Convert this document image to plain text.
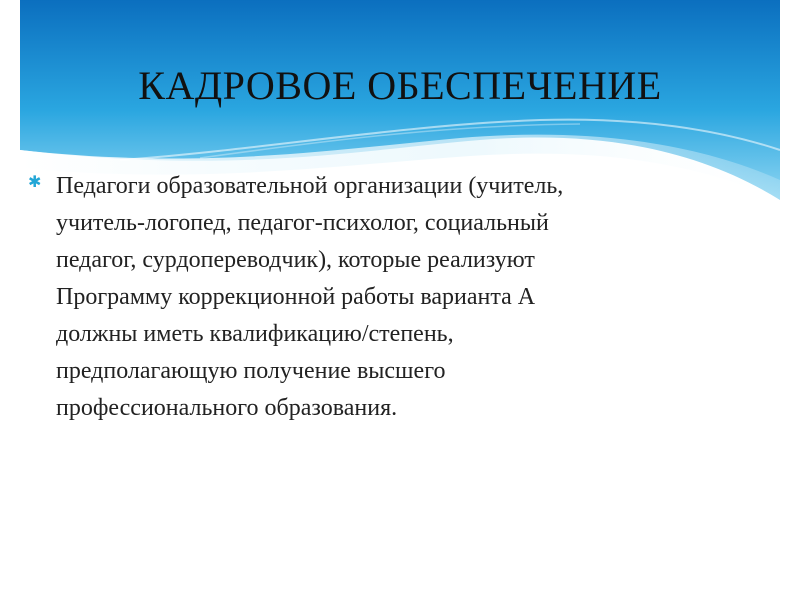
КАДРОВОЕ ОБЕСПЕЧЕНИЕ
✱ Педагоги образовательной организации (учитель,
учитель-логопед, педагог-психолог, социальный
педагог, сурдопереводчик), которые реализуют
Программу коррекционной работы варианта А
должны иметь квалификацию/степень,
предполагающую получение высшего
профессионального образования.
